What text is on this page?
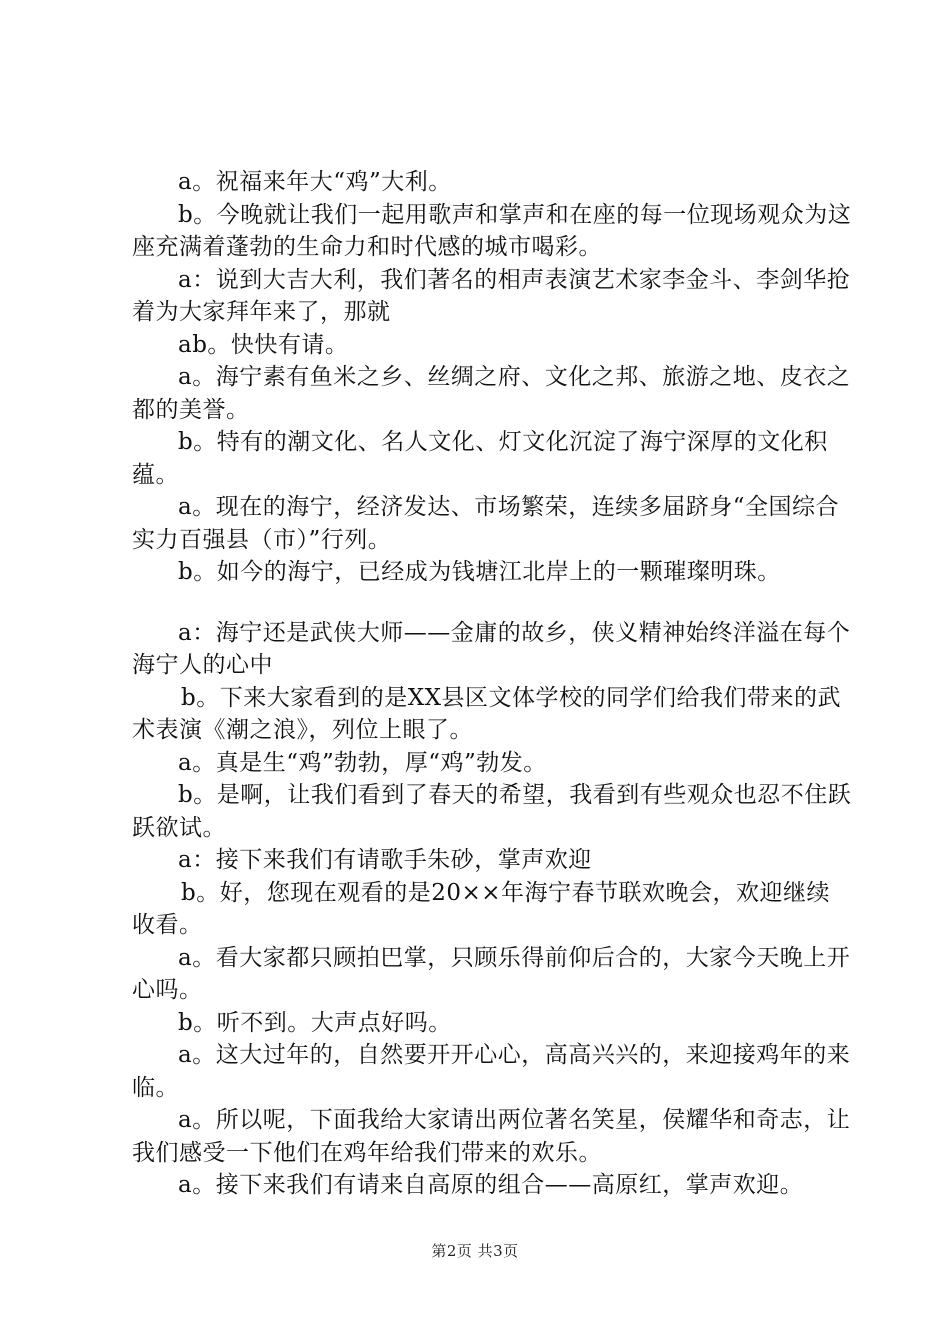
a。祝福来年大“鸡”大利。

b。今晚就让我们一起用歌声和掌声和在座的每一位现场观众为这座充满着蓬勃的生命力和时代感的城市喝彩。

a：说到大吉大利，我们著名的相声表演艺术家李金斗、李剑华抢着为大家拜年来了，那就

ab。快快有请。

a。海宁素有鱼米之乡、丝绸之府、文化之邦、旅游之地、皮衣之都的美誉。

b。特有的潮文化、名人文化、灯文化沉淀了海宁深厚的文化积蕴。

a。现在的海宁，经济发达、市场繁荣，连续多届跻身“全国综合实力百强县（市）”行列。

b。如今的海宁，已经成为钱塘江北岸上的一颗璀璨明珠。

a：海宁还是武侠大师——金庸的故乡，侠义精神始终洋溢在每个海宁人的心中

b。下来大家看到的是XX县区文体学校的同学们给我们带来的武术表演《潮之浪》，列位上眼了。

a。真是生“鸡”勃勃，厚“鸡”勃发。

b。是啊，让我们看到了春天的希望，我看到有些观众也忍不住跃跃欲试。

a：接下来我们有请歌手朱砂，掌声欢迎

b。好，您现在观看的是20××年海宁春节联欢晚会，欢迎继续收看。

a。看大家都只顾拍巴掌，只顾乐得前仰后合的，大家今天晚上开心吗。

b。听不到。大声点好吗。

a。这大过年的，自然要开开心心，高高兴兴的，来迎接鸡年的来临。

a。所以呢，下面我给大家请出两位著名笑星，侯耀华和奇志，让我们感受一下他们在鸡年给我们带来的欢乐。

a。接下来我们有请来自高原的组合——高原红，掌声欢迎。

第2页 共3页
